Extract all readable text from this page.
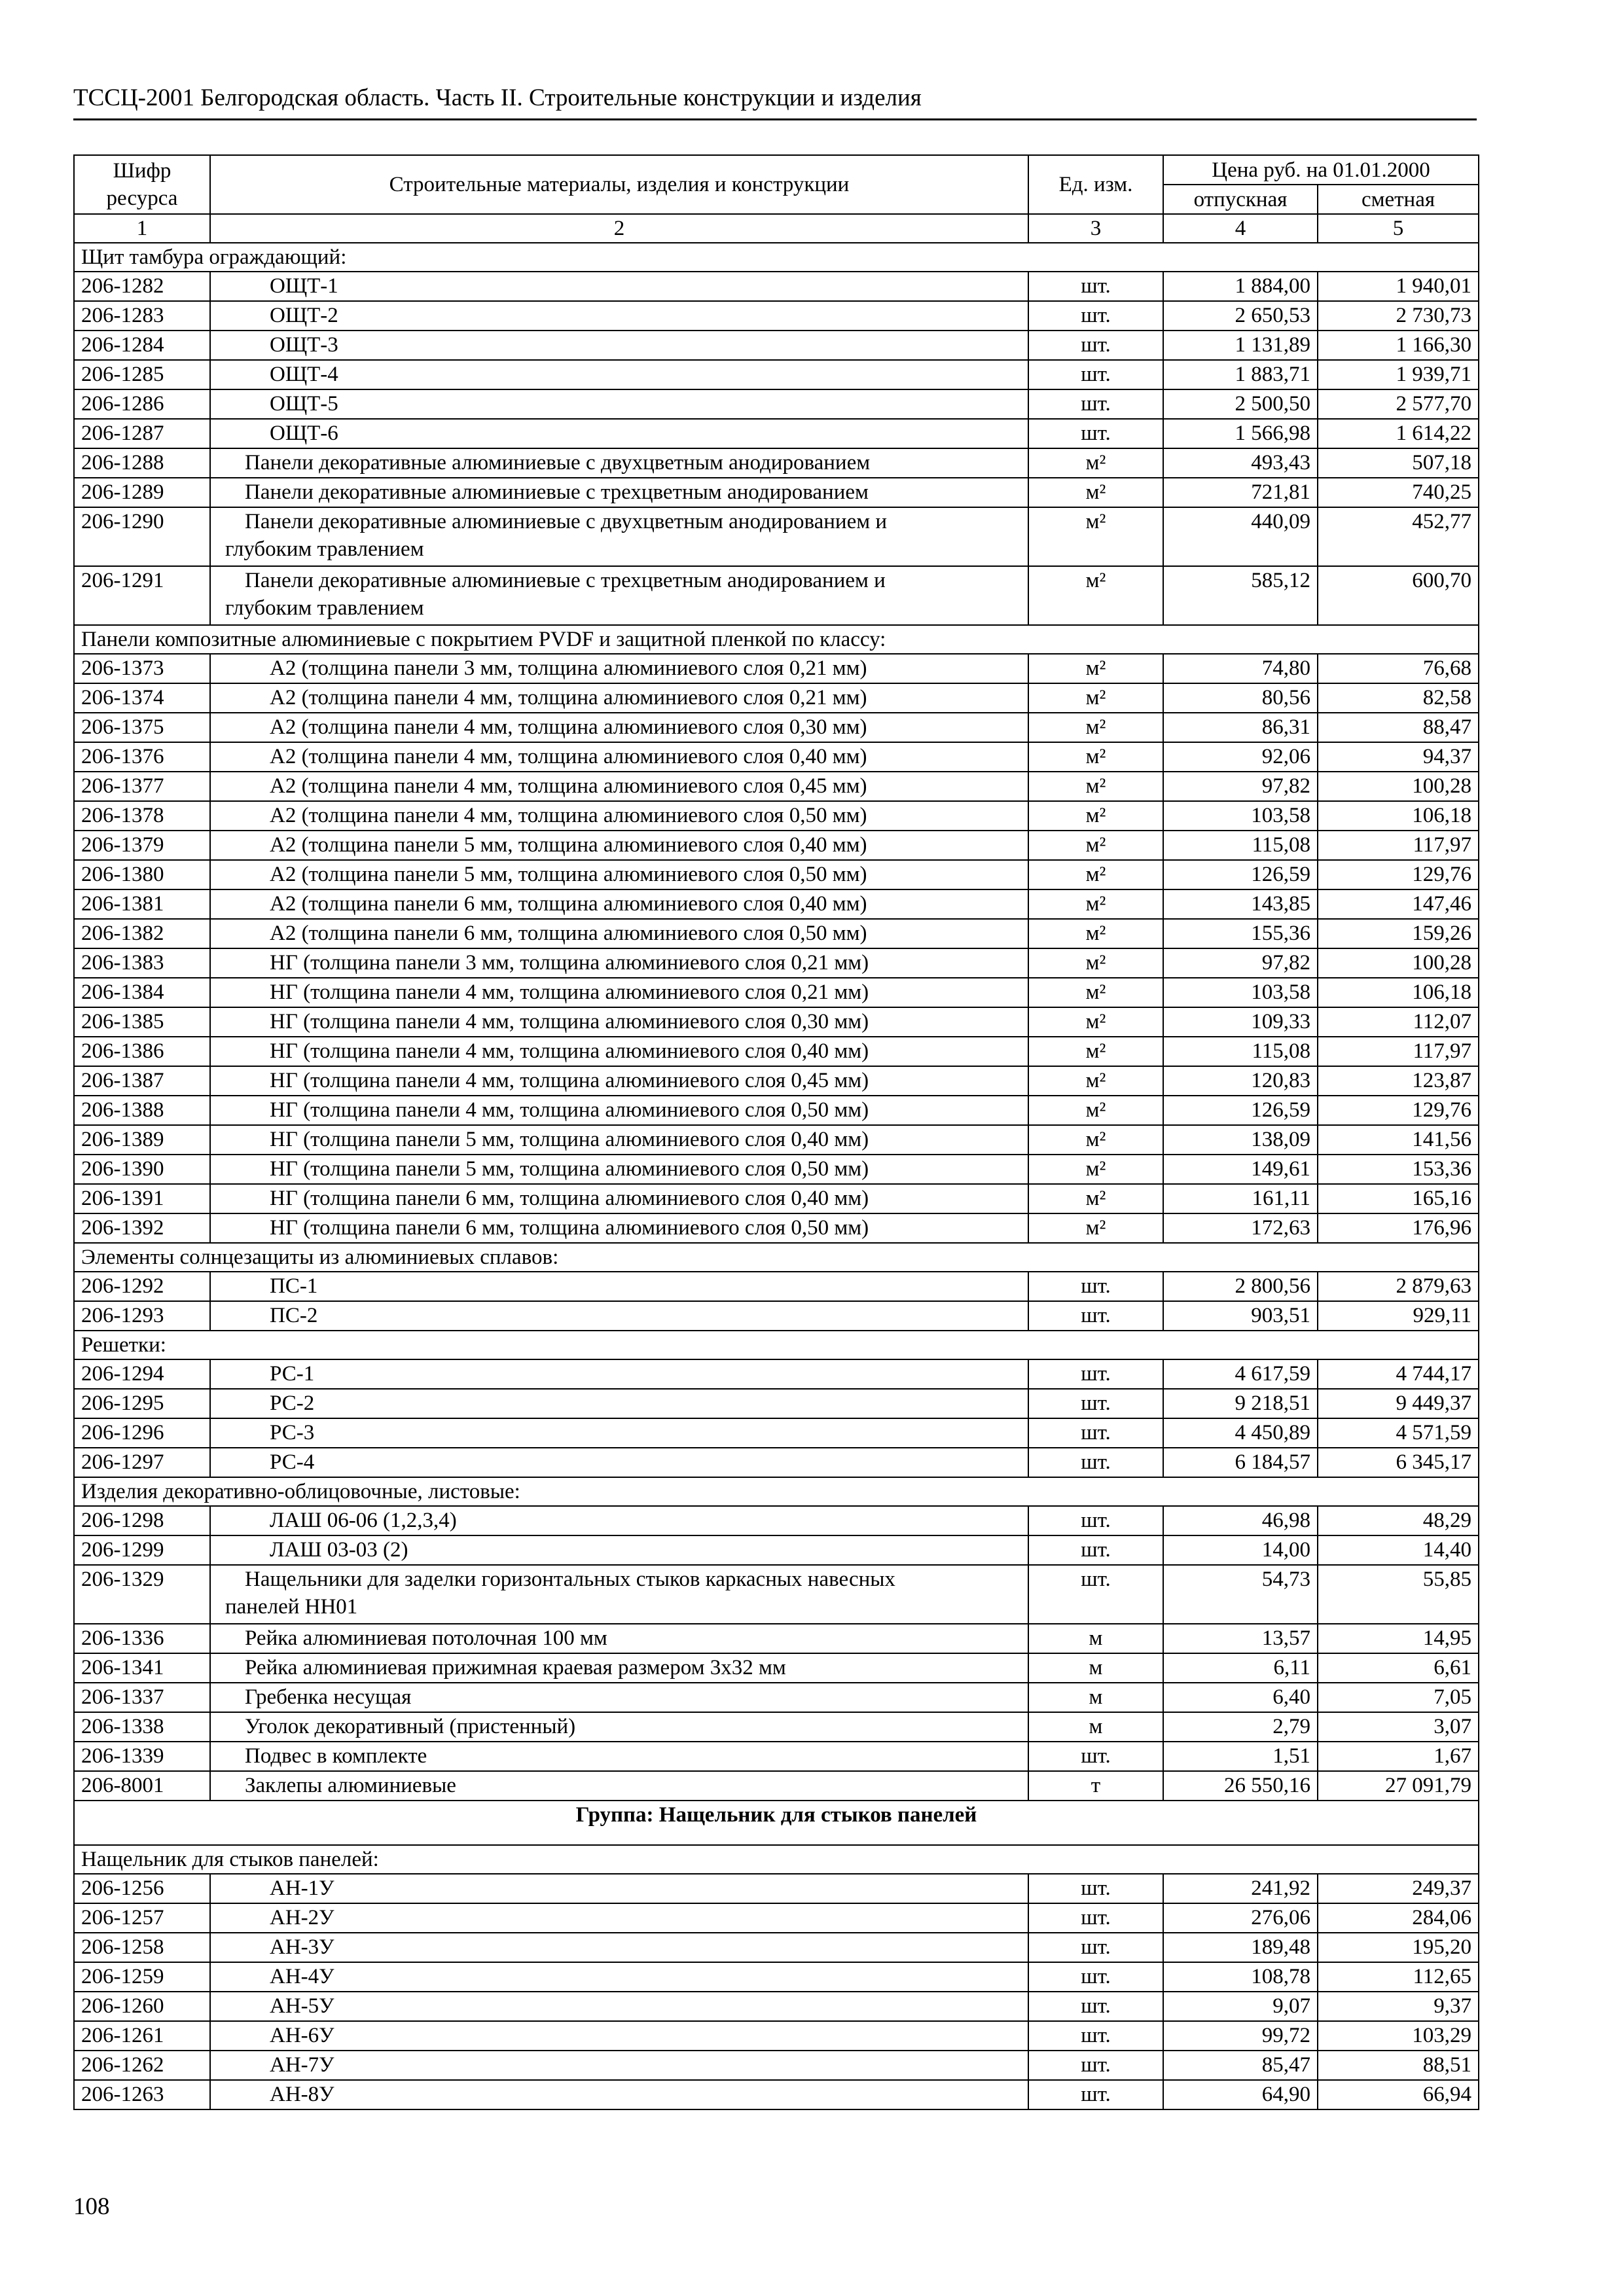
ТССЦ-2001 Белгородская область. Часть II. Строительные конструкции и изделия
Шифр ресурса	Строительные материалы, изделия и конструкции	Ед. изм.	Цена руб. на 01.01.2000	
			отпускная	сметная
1	2	3	4	5
Щит тамбура ограждающий:				
206-1282	ОЩТ-1	шт.	1 884,00	1 940,01
206-1283	ОЩТ-2	шт.	2 650,53	2 730,73
206-1284	ОЩТ-3	шт.	1 131,89	1 166,30
206-1285	ОЩТ-4	шт.	1 883,71	1 939,71
206-1286	ОЩТ-5	шт.	2 500,50	2 577,70
206-1287	ОЩТ-6	шт.	1 566,98	1 614,22
206-1288	Панели декоративные алюминиевые с двухцветным анодированием	м²	493,43	507,18
206-1289	Панели декоративные алюминиевые с трехцветным анодированием	м²	721,81	740,25
206-1290	Панели декоративные алюминиевые с двухцветным анодированием и
глубоким травлением	м²	440,09	452,77
206-1291	Панели декоративные алюминиевые с трехцветным анодированием и
глубоким травлением	м²	585,12	600,70
Панели композитные алюминиевые с покрытием PVDF и защитной пленкой по классу:				
206-1373	А2 (толщина панели 3 мм, толщина алюминиевого слоя 0,21 мм)	м²	74,80	76,68
206-1374	А2 (толщина панели 4 мм, толщина алюминиевого слоя 0,21 мм)	м²	80,56	82,58
206-1375	А2 (толщина панели 4 мм, толщина алюминиевого слоя 0,30 мм)	м²	86,31	88,47
206-1376	А2 (толщина панели 4 мм, толщина алюминиевого слоя 0,40 мм)	м²	92,06	94,37
206-1377	А2 (толщина панели 4 мм, толщина алюминиевого слоя 0,45 мм)	м²	97,82	100,28
206-1378	А2 (толщина панели 4 мм, толщина алюминиевого слоя 0,50 мм)	м²	103,58	106,18
206-1379	А2 (толщина панели 5 мм, толщина алюминиевого слоя 0,40 мм)	м²	115,08	117,97
206-1380	А2 (толщина панели 5 мм, толщина алюминиевого слоя 0,50 мм)	м²	126,59	129,76
206-1381	А2 (толщина панели 6 мм, толщина алюминиевого слоя 0,40 мм)	м²	143,85	147,46
206-1382	А2 (толщина панели 6 мм, толщина алюминиевого слоя 0,50 мм)	м²	155,36	159,26
206-1383	НГ (толщина панели 3 мм, толщина алюминиевого слоя 0,21 мм)	м²	97,82	100,28
206-1384	НГ (толщина панели 4 мм, толщина алюминиевого слоя 0,21 мм)	м²	103,58	106,18
206-1385	НГ (толщина панели 4 мм, толщина алюминиевого слоя 0,30 мм)	м²	109,33	112,07
206-1386	НГ (толщина панели 4 мм, толщина алюминиевого слоя 0,40 мм)	м²	115,08	117,97
206-1387	НГ (толщина панели 4 мм, толщина алюминиевого слоя 0,45 мм)	м²	120,83	123,87
206-1388	НГ (толщина панели 4 мм, толщина алюминиевого слоя 0,50 мм)	м²	126,59	129,76
206-1389	НГ (толщина панели 5 мм, толщина алюминиевого слоя 0,40 мм)	м²	138,09	141,56
206-1390	НГ (толщина панели 5 мм, толщина алюминиевого слоя 0,50 мм)	м²	149,61	153,36
206-1391	НГ (толщина панели 6 мм, толщина алюминиевого слоя 0,40 мм)	м²	161,11	165,16
206-1392	НГ (толщина панели 6 мм, толщина алюминиевого слоя 0,50 мм)	м²	172,63	176,96
Элементы солнцезащиты из алюминиевых сплавов:				
206-1292	ПС-1	шт.	2 800,56	2 879,63
206-1293	ПС-2	шт.	903,51	929,11
Решетки:				
206-1294	РС-1	шт.	4 617,59	4 744,17
206-1295	РС-2	шт.	9 218,51	9 449,37
206-1296	РС-3	шт.	4 450,89	4 571,59
206-1297	РС-4	шт.	6 184,57	6 345,17
Изделия декоративно-облицовочные, листовые:				
206-1298	ЛАШ 06-06 (1,2,3,4)	шт.	46,98	48,29
206-1299	ЛАШ 03-03 (2)	шт.	14,00	14,40
206-1329	Нащельники для заделки горизонтальных стыков каркасных навесных
панелей НН01	шт.	54,73	55,85
206-1336	Рейка алюминиевая потолочная 100 мм	м	13,57	14,95
206-1341	Рейка алюминиевая прижимная краевая размером 3х32 мм	м	6,11	6,61
206-1337	Гребенка несущая	м	6,40	7,05
206-1338	Уголок декоративный (пристенный)	м	2,79	3,07
206-1339	Подвес в комплекте	шт.	1,51	1,67
206-8001	Заклепы алюминиевые	т	26 550,16	27 091,79
Группа: Нащельник для стыков панелей				
Нащельник для стыков панелей:				
206-1256	АН-1У	шт.	241,92	249,37
206-1257	АН-2У	шт.	276,06	284,06
206-1258	АН-3У	шт.	189,48	195,20
206-1259	АН-4У	шт.	108,78	112,65
206-1260	АН-5У	шт.	9,07	9,37
206-1261	АН-6У	шт.	99,72	103,29
206-1262	АН-7У	шт.	85,47	88,51
206-1263	АН-8У	шт.	64,90	66,94
108
